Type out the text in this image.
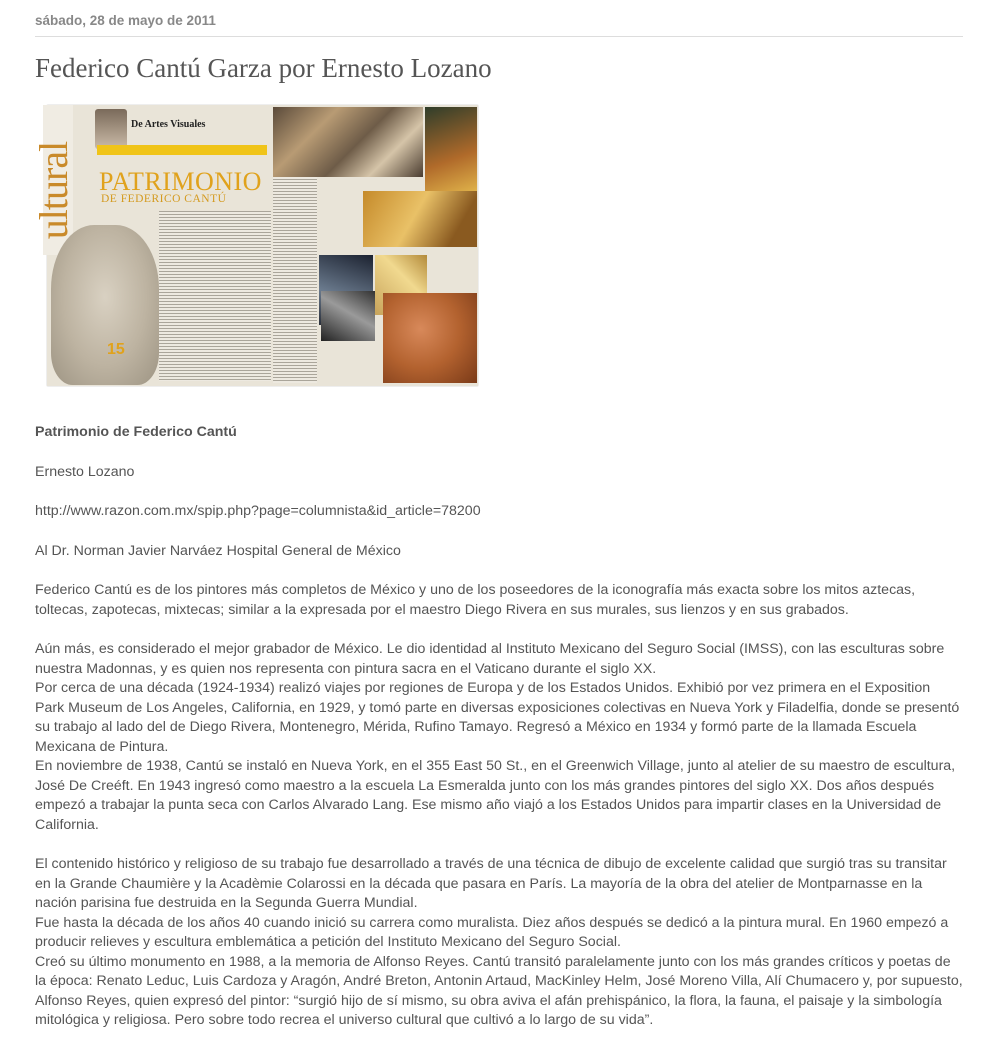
sábado, 28 de mayo de 2011
Federico Cantú Garza por Ernesto Lozano
ultural
De Artes Visuales
PATRIMONIO
DE FEDERICO CANTÚ
15

Patrimonio de Federico Cantú

Ernesto Lozano

http://www.razon.com.mx/spip.php?page=columnista&id_article=78200

Al Dr. Norman Javier Narváez Hospital General de México

Federico Cantú es de los pintores más completos de México y uno de los poseedores de la iconografía más exacta sobre los mitos aztecas, toltecas, zapotecas, mixtecas; similar a la expresada por el maestro Diego Rivera en sus murales, sus lienzos y en sus grabados.

Aún más, es considerado el mejor grabador de México. Le dio identidad al Instituto Mexicano del Seguro Social (IMSS), con las esculturas sobre nuestra Madonnas, y es quien nos representa con pintura sacra en el Vaticano durante el siglo XX.

Por cerca de una década (1924-1934) realizó viajes por regiones de Europa y de los Estados Unidos. Exhibió por vez primera en el Exposition Park Museum de Los Angeles, California, en 1929, y tomó parte en diversas exposiciones colectivas en Nueva York y Filadelfia, donde se presentó su trabajo al lado del de Diego Rivera, Montenegro, Mérida, Rufino Tamayo. Regresó a México en 1934 y formó parte de la llamada Escuela Mexicana de Pintura.

En noviembre de 1938, Cantú se instaló en Nueva York, en el 355 East 50 St., en el Greenwich Village, junto al atelier de su maestro de escultura, José De Creéft. En 1943 ingresó como maestro a la escuela La Esmeralda junto con los más grandes pintores del siglo XX. Dos años después empezó a trabajar la punta seca con Carlos Alvarado Lang. Ese mismo año viajó a los Estados Unidos para impartir clases en la Universidad de California.

El contenido histórico y religioso de su trabajo fue desarrollado a través de una técnica de dibujo de excelente calidad que surgió tras su transitar en la Grande Chaumière y la Acadèmie Colarossi en la década que pasara en París. La mayoría de la obra del atelier de Montparnasse en la nación parisina fue destruida en la Segunda Guerra Mundial.

Fue hasta la década de los años 40 cuando inició su carrera como muralista. Diez años después se dedicó a la pintura mural. En 1960 empezó a producir relieves y escultura emblemática a petición del Instituto Mexicano del Seguro Social.

Creó su último monumento en 1988, a la memoria de Alfonso Reyes. Cantú transitó paralelamente junto con los más grandes críticos y poetas de la época: Renato Leduc, Luis Cardoza y Aragón, André Breton, Antonin Artaud, MacKinley Helm, José Moreno Villa, Alí Chumacero y, por supuesto, Alfonso Reyes, quien expresó del pintor: “surgió hijo de sí mismo, su obra aviva el afán prehispánico, la flora, la fauna, el paisaje y la simbología mitológica y religiosa. Pero sobre todo recrea el universo cultural que cultivó a lo largo de su vida”.
